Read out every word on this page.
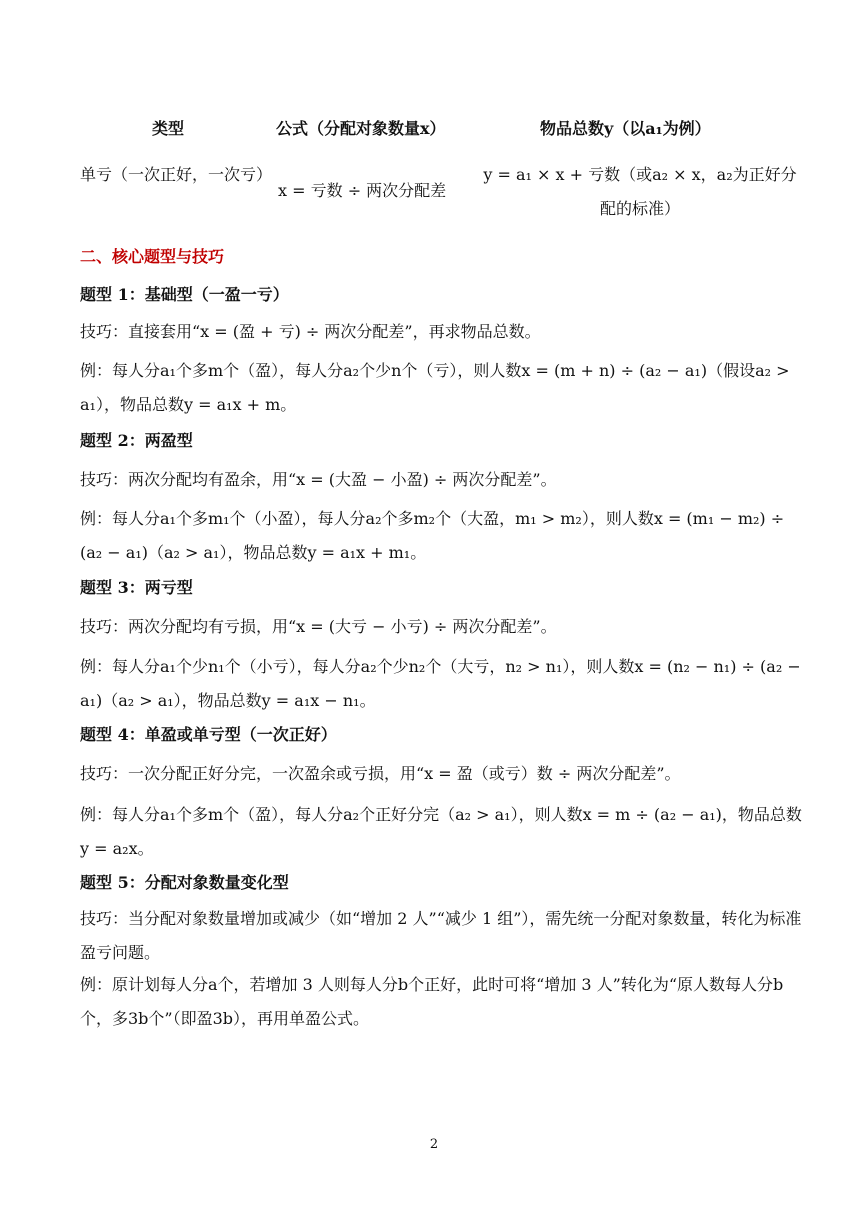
类型	公式（分配对象数量x）	物品总数y（以a₁为例）
单亏（一次正好，一次亏）
x = 亏数 ÷ 两次分配差
y = a₁ × x + 亏数（或a₂ × x，a₂为正好分配的标准）
二、核心题型与技巧
题型 1：基础型（一盈一亏）
技巧：直接套用“x = (盈 + 亏) ÷ 两次分配差”，再求物品总数。
例：每人分a₁个多m个（盈），每人分a₂个少n个（亏），则人数x = (m + n) ÷ (a₂ − a₁)（假设a₂ > a₁），物品总数y = a₁x + m。
题型 2：两盈型
技巧：两次分配均有盈余，用“x = (大盈 − 小盈) ÷ 两次分配差”。
例：每人分a₁个多m₁个（小盈），每人分a₂个多m₂个（大盈，m₁ > m₂），则人数x = (m₁ − m₂) ÷ (a₂ − a₁)（a₂ > a₁），物品总数y = a₁x + m₁。
题型 3：两亏型
技巧：两次分配均有亏损，用“x = (大亏 − 小亏) ÷ 两次分配差”。
例：每人分a₁个少n₁个（小亏），每人分a₂个少n₂个（大亏，n₂ > n₁），则人数x = (n₂ − n₁) ÷ (a₂ − a₁)（a₂ > a₁），物品总数y = a₁x − n₁。
题型 4：单盈或单亏型（一次正好）
技巧：一次分配正好分完，一次盈余或亏损，用“x = 盈（或亏）数 ÷ 两次分配差”。
例：每人分a₁个多m个（盈），每人分a₂个正好分完（a₂ > a₁），则人数x = m ÷ (a₂ − a₁)，物品总数y = a₂x。
题型 5：分配对象数量变化型
技巧：当分配对象数量增加或减少（如“增加 2 人”“减少 1 组”），需先统一分配对象数量，转化为标准盈亏问题。
例：原计划每人分a个，若增加 3 人则每人分b个正好，此时可将“增加 3 人”转化为“原人数每人分b个，多3b个”（即盈3b），再用单盈公式。
2
